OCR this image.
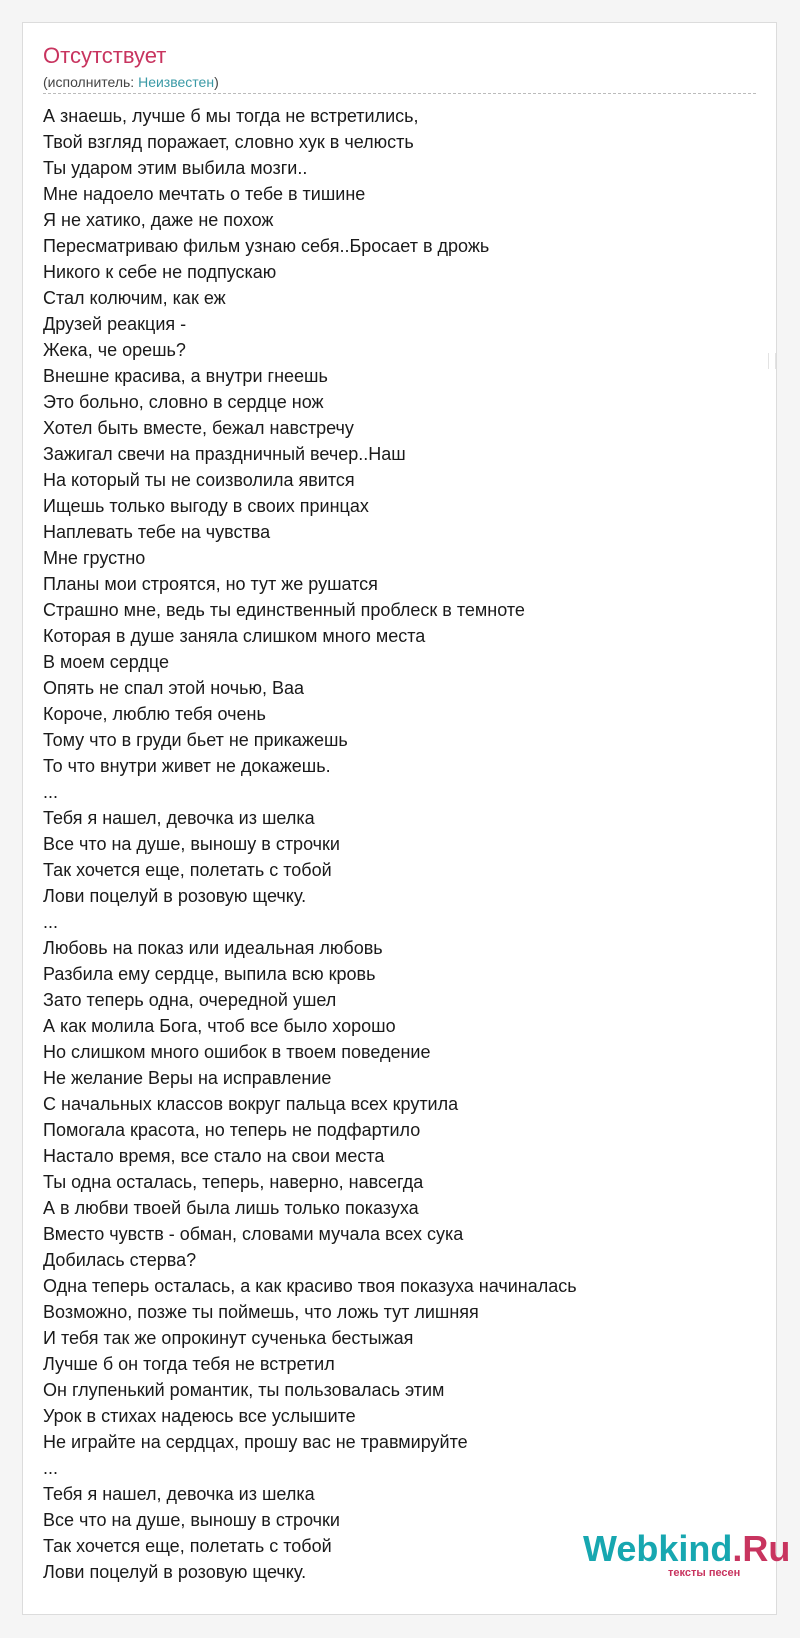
Отсутствует
(исполнитель: Неизвестен)
А знаешь, лучше б мы тогда не встретились,
Твой взгляд поражает, словно хук в челюсть
Ты ударом этим выбила мозги..
Мне надоело мечтать о тебе в тишине
Я не хатико, даже не похож
Пересматриваю фильм узнаю себя..Бросает в дрожь
Никого к себе не подпускаю
Стал колючим, как еж
Друзей реакция -
Жека, че орешь?
Внешне красива, а внутри гнеешь
Это больно, словно в сердце нож
Хотел быть вместе, бежал навстречу
Зажигал свечи на праздничный вечер..Наш
На который ты не соизволила явится
Ищешь только выгоду в своих принцах
Наплевать тебе на чувства
Мне грустно
Планы мои строятся, но тут же рушатся
Страшно мне, ведь ты единственный проблеск в темноте
Которая в душе заняла слишком много места
В моем сердце
Опять не спал этой ночью, Ваа
Короче, люблю тебя очень
Тому что в груди бьет не прикажешь
То что внутри живет не докажешь.
...
Тебя я нашел, девочка из шелка
Все что на душе, выношу в строчки
Так хочется еще, полетать с тобой
Лови поцелуй в розовую щечку.
...
Любовь на показ или идеальная любовь
Разбила ему сердце, выпила всю кровь
Зато теперь одна, очередной ушел
А как молила Бога, чтоб все было хорошо
Но слишком много ошибок в твоем поведение
Не желание Веры на исправление
С начальных классов вокруг пальца всех крутила
Помогала красота, но теперь не подфартило
Настало время, все стало на свои места
Ты одна осталась, теперь, наверно, навсегда
А в любви твоей была лишь только показуха
Вместо чувств - обман, словами мучала всех сука
Добилась стерва?
Одна теперь осталась, а как красиво твоя показуха начиналась
Возможно, позже ты поймешь, что ложь тут лишняя
И тебя так же опрокинут сученька бестыжая
Лучше б он тогда тебя не встретил
Он глупенький романтик, ты пользовалась этим
Урок в стихах надеюсь все услышите
Не играйте на сердцах, прошу вас не травмируйте
...
Тебя я нашел, девочка из шелка
Все что на душе, выношу в строчки
Так хочется еще, полетать с тобой
Лови поцелуй в розовую щечку.
Webkind.Ru
тексты песен
